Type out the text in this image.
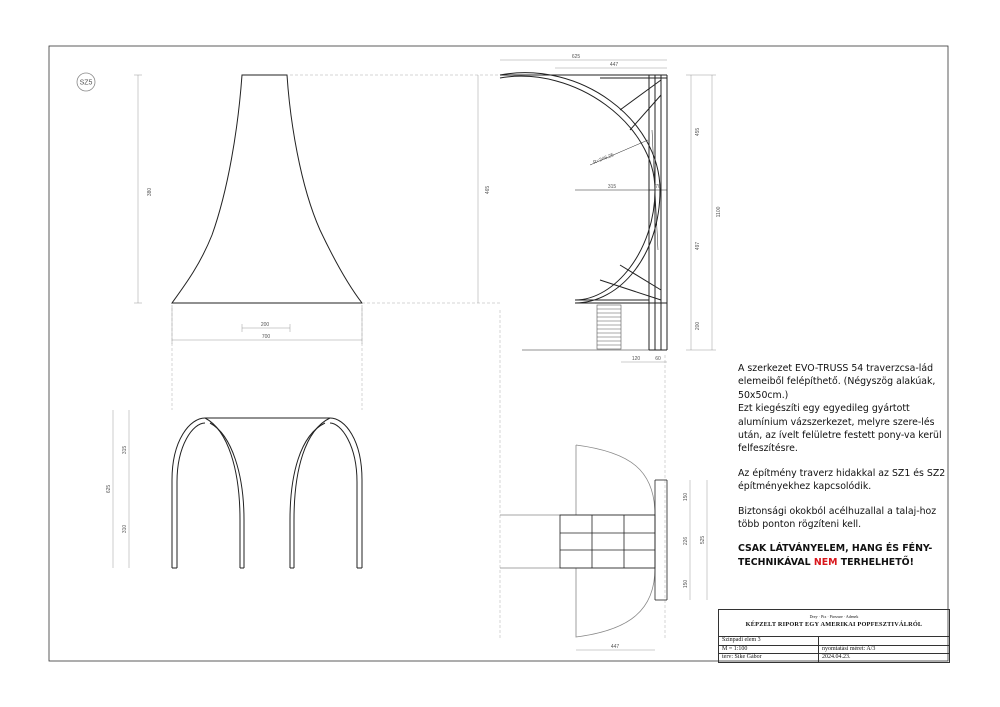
SZ5
380
200
700
625
447
465
R=246.25
315	70
455
497
200
1100
120	60
625
315
310
150
226
150
525
447

A szerkezet EVO-TRUSS 54 traverzcsa-lád elemeiből felépíthető. (Négyszög alakúak, 50x50cm.)

Ezt kiegészíti egy egyedileg gyártott alumínium vázszerkezet, melyre szere-lés után, az ívelt felületre festett pony-va kerül felfeszítésre.

Az építmény traverz hidakkal az SZ1 és SZ2 építményekhez kapcsolódik.

Biztonsági okokból acélhuzallal a talaj-hoz több ponton rögzíteni kell.

CSAK LÁTVÁNYELEM, HANG ÉS FÉNY-TECHNIKÁVAL NEM TERHELHETŐ!

Drey · Pix · Pirezare · Adenek
KÉPZELT RIPORT EGY AMERIKAI POPFESZTIVÁLRÓL
Színpadi elem 3
M = 1:100	nyomtatási méret: A/3
terv: Síke Gábor	2024.04.23.
